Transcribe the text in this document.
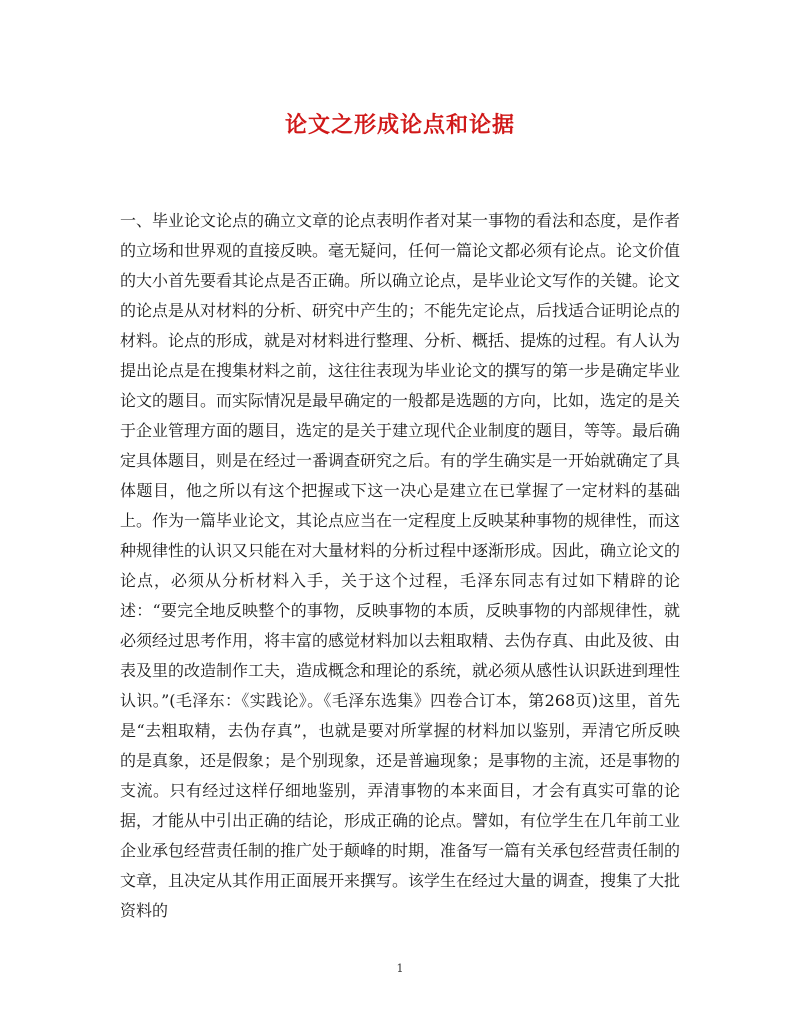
论文之形成论点和论据

一、毕业论文论点的确立文章的论点表明作者对某一事物的看法和态度，是作者的立场和世界观的直接反映。毫无疑问，任何一篇论文都必须有论点。论文价值的大小首先要看其论点是否正确。所以确立论点，是毕业论文写作的关键。论文的论点是从对材料的分析、研究中产生的；不能先定论点，后找适合证明论点的材料。论点的形成，就是对材料进行整理、分析、概括、提炼的过程。有人认为提出论点是在搜集材料之前，这往往表现为毕业论文的撰写的第一步是确定毕业论文的题目。而实际情况是最早确定的一般都是选题的方向，比如，选定的是关于企业管理方面的题目，选定的是关于建立现代企业制度的题目，等等。最后确定具体题目，则是在经过一番调查研究之后。有的学生确实是一开始就确定了具体题目，他之所以有这个把握或下这一决心是建立在已掌握了一定材料的基础上。作为一篇毕业论文，其论点应当在一定程度上反映某种事物的规律性，而这种规律性的认识又只能在对大量材料的分析过程中逐渐形成。因此，确立论文的论点，必须从分析材料入手，关于这个过程，毛泽东同志有过如下精辟的论述：“要完全地反映整个的事物，反映事物的本质，反映事物的内部规律性，就必须经过思考作用，将丰富的感觉材料加以去粗取精、去伪存真、由此及彼、由表及里的改造制作工夫，造成概念和理论的系统，就必须从感性认识跃进到理性认识。”(毛泽东：《实践论》。《毛泽东选集》四卷合订本，第268页)这里，首先是“去粗取精，去伪存真”，也就是要对所掌握的材料加以鉴别，弄清它所反映的是真象，还是假象；是个别现象，还是普遍现象；是事物的主流，还是事物的支流。只有经过这样仔细地鉴别，弄清事物的本来面目，才会有真实可靠的论据，才能从中引出正确的结论，形成正确的论点。譬如，有位学生在几年前工业企业承包经营责任制的推广处于颠峰的时期，准备写一篇有关承包经营责任制的文章，且决定从其作用正面展开来撰写。该学生在经过大量的调查，搜集了大批资料的

1
